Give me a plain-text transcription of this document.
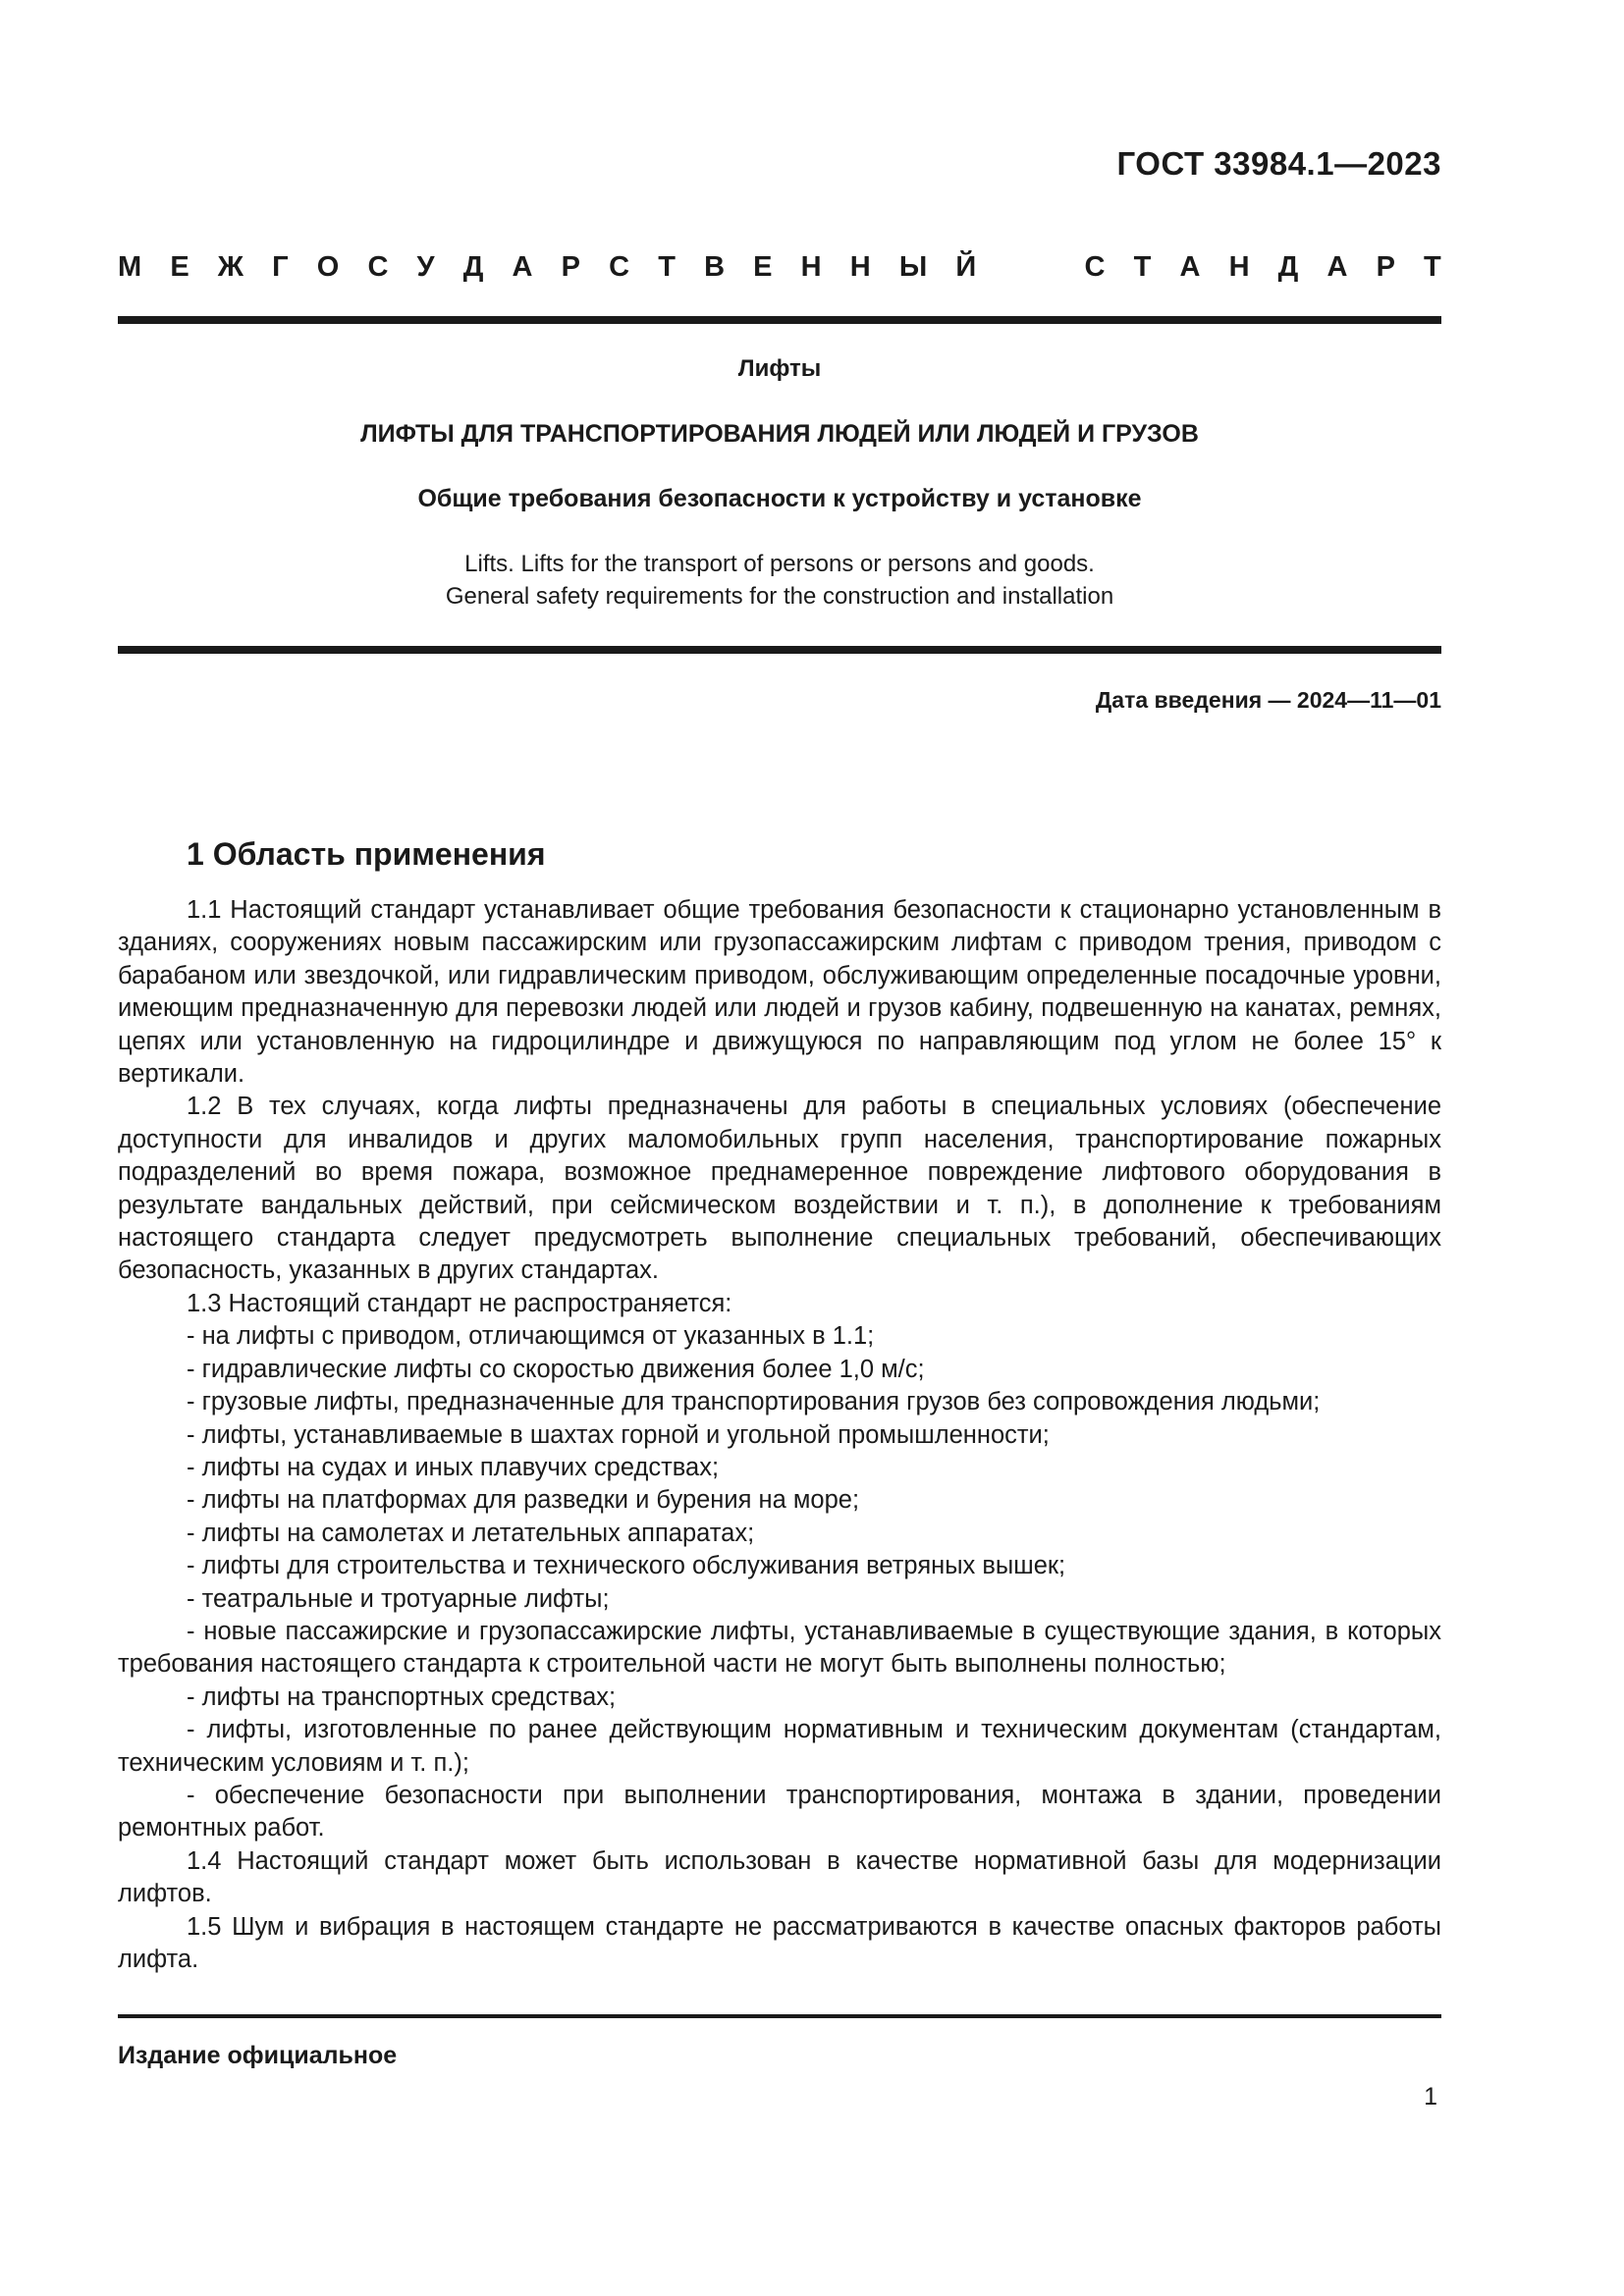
ГОСТ 33984.1—2023
М Е Ж Г О С У Д А Р С Т В Е Н Н Ы Й	С Т А Н Д А Р Т
Лифты
ЛИФТЫ ДЛЯ ТРАНСПОРТИРОВАНИЯ ЛЮДЕЙ ИЛИ ЛЮДЕЙ И ГРУЗОВ
Общие требования безопасности к устройству и установке
Lifts. Lifts for the transport of persons or persons and goods.
General safety requirements for the construction and installation
Дата введения — 2024—11—01
1 Область применения

1.1 Настоящий стандарт устанавливает общие требования безопасности к стационарно установленным в зданиях, сооружениях новым пассажирским или грузопассажирским лифтам с приводом трения, приводом с барабаном или звездочкой, или гидравлическим приводом, обслуживающим определенные посадочные уровни, имеющим предназначенную для перевозки людей или людей и грузов кабину, подвешенную на канатах, ремнях, цепях или установленную на гидроцилиндре и движущуюся по направляющим под углом не более 15° к вертикали.

1.2 В тех случаях, когда лифты предназначены для работы в специальных условиях (обеспечение доступности для инвалидов и других маломобильных групп населения, транспортирование пожарных подразделений во время пожара, возможное преднамеренное повреждение лифтового оборудования в результате вандальных действий, при сейсмическом воздействии и т. п.), в дополнение к требованиям настоящего стандарта следует предусмотреть выполнение специальных требований, обеспечивающих безопасность, указанных в других стандартах.

1.3 Настоящий стандарт не распространяется:

- на лифты с приводом, отличающимся от указанных в 1.1;

- гидравлические лифты со скоростью движения более 1,0 м/с;

- грузовые лифты, предназначенные для транспортирования грузов без сопровождения людьми;

- лифты, устанавливаемые в шахтах горной и угольной промышленности;

- лифты на судах и иных плавучих средствах;

- лифты на платформах для разведки и бурения на море;

- лифты на самолетах и летательных аппаратах;

- лифты для строительства и технического обслуживания ветряных вышек;

- театральные и тротуарные лифты;

- новые пассажирские и грузопассажирские лифты, устанавливаемые в существующие здания, в которых требования настоящего стандарта к строительной части не могут быть выполнены полностью;

- лифты на транспортных средствах;

- лифты, изготовленные по ранее действующим нормативным и техническим документам (стандартам, техническим условиям и т. п.);

- обеспечение безопасности при выполнении транспортирования, монтажа в здании, проведении ремонтных работ.

1.4 Настоящий стандарт может быть использован в качестве нормативной базы для модернизации лифтов.

1.5 Шум и вибрация в настоящем стандарте не рассматриваются в качестве опасных факторов работы лифта.

Издание официальное
1
